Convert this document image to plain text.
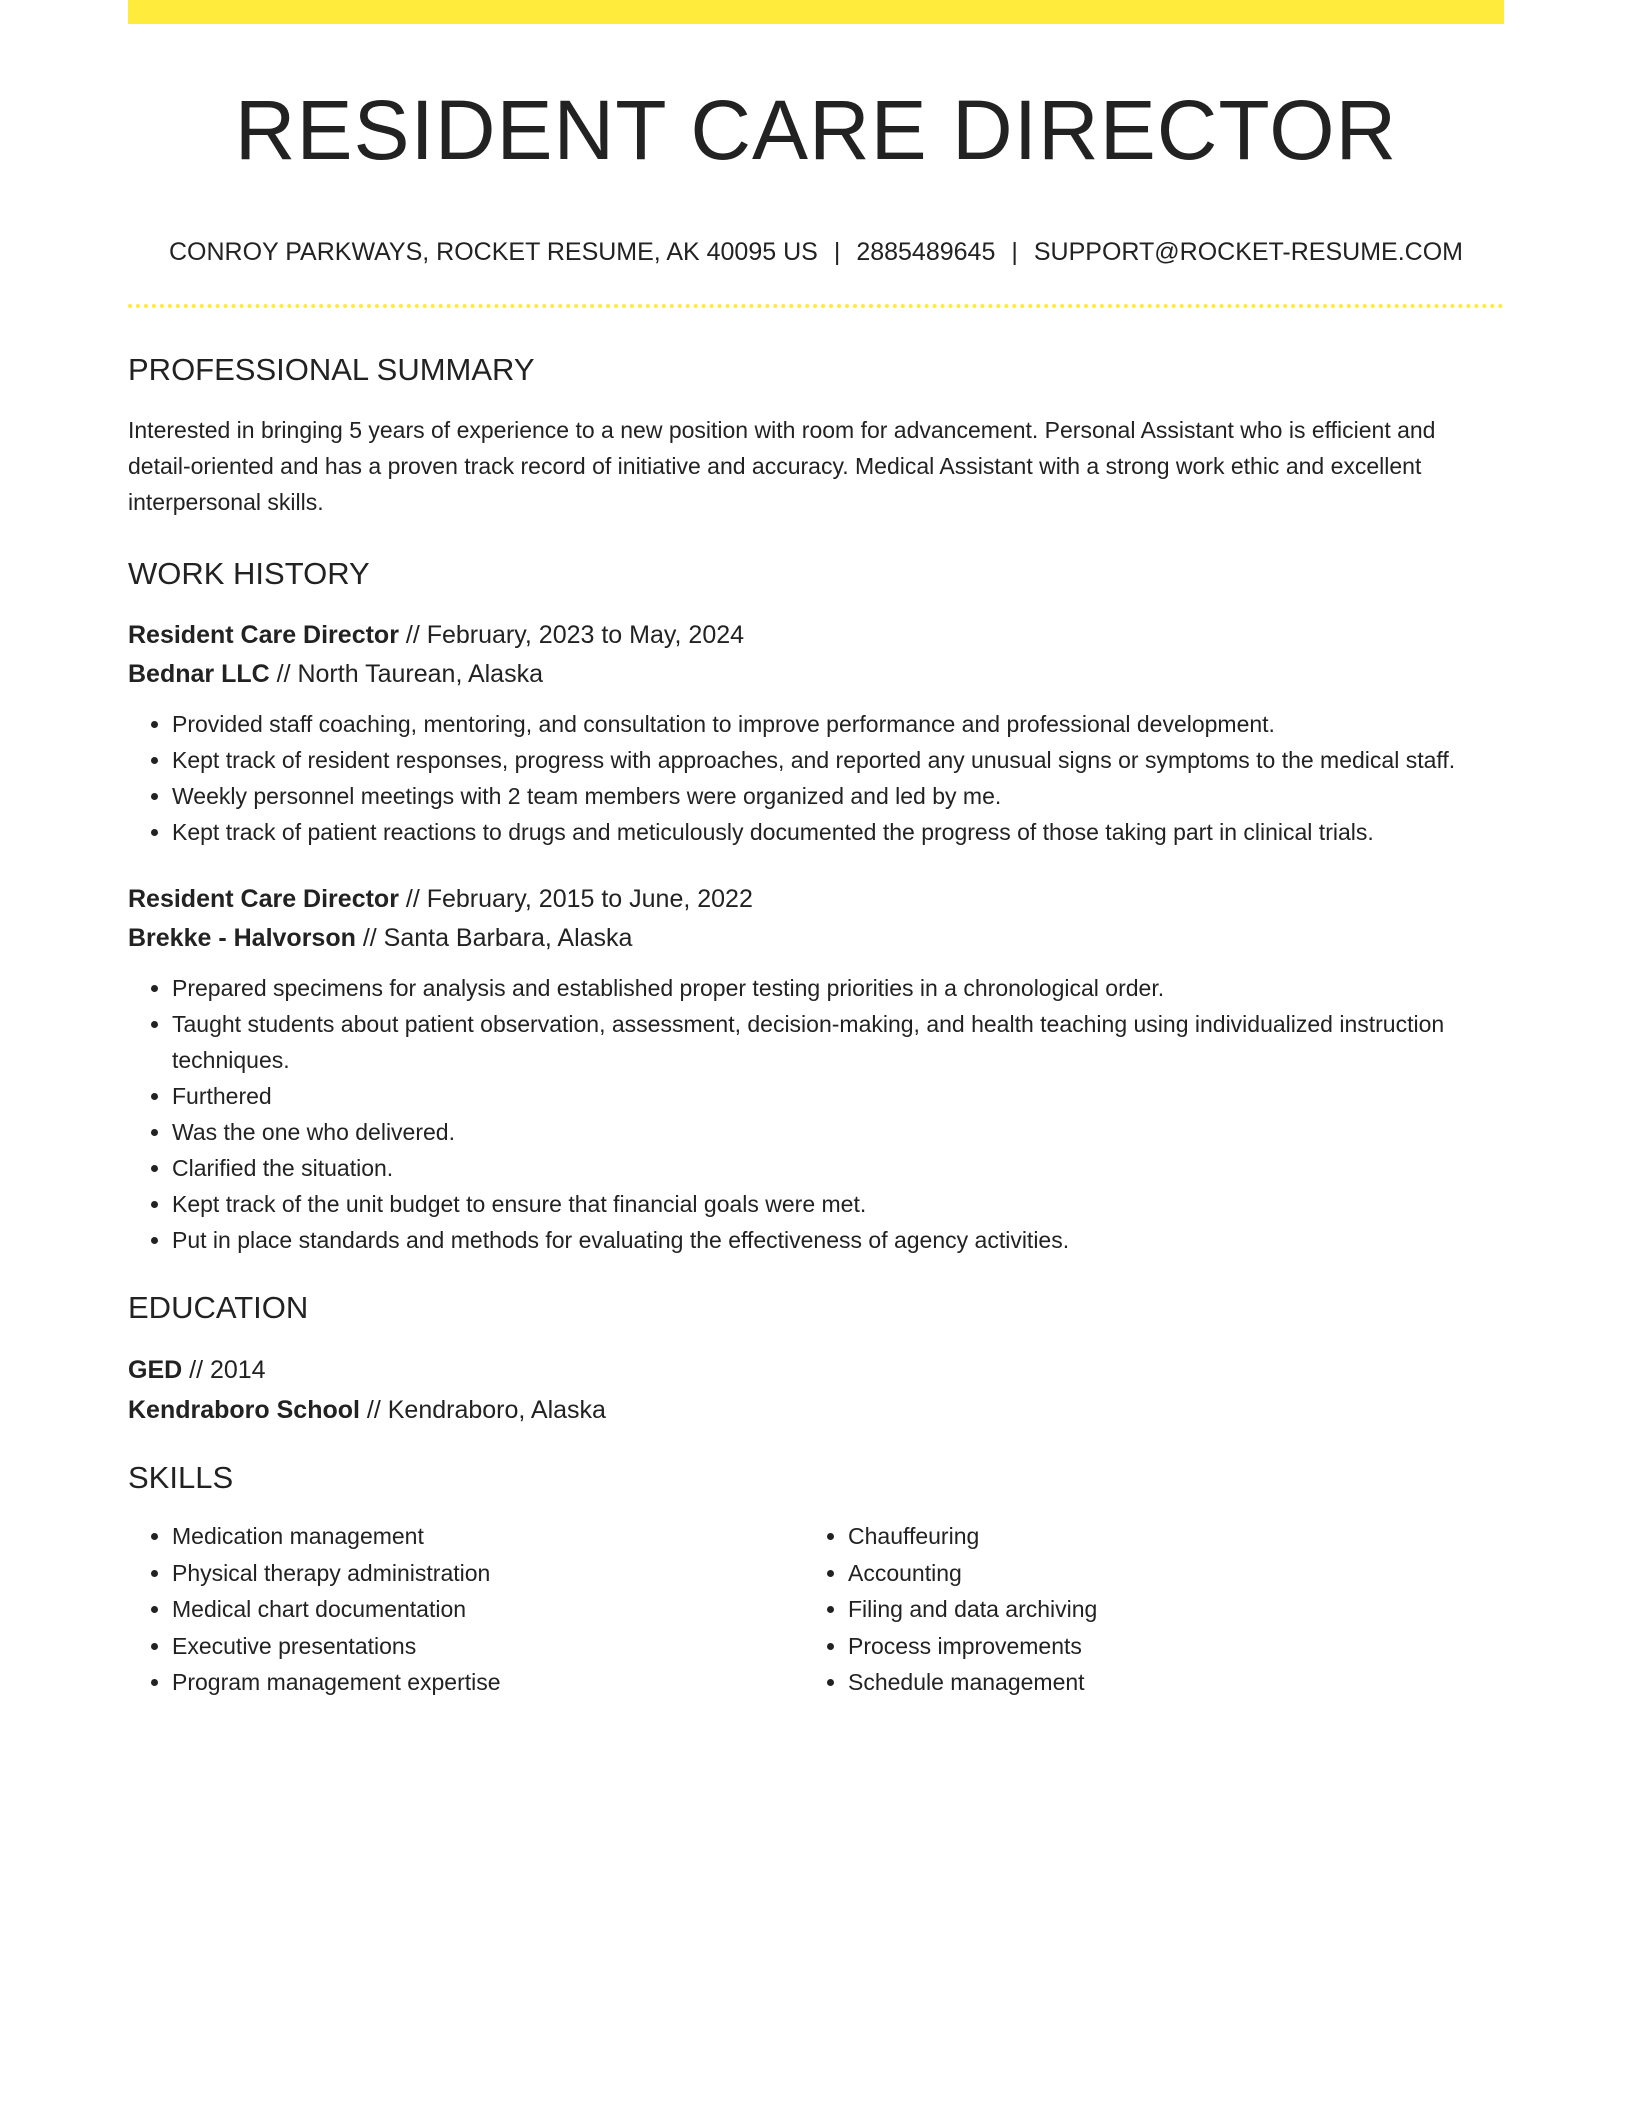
RESIDENT CARE DIRECTOR
CONROY PARKWAYS, ROCKET RESUME, AK 40095 US | 2885489645 | SUPPORT@ROCKET-RESUME.COM
PROFESSIONAL SUMMARY
Interested in bringing 5 years of experience to a new position with room for advancement. Personal Assistant who is efficient and detail-oriented and has a proven track record of initiative and accuracy. Medical Assistant with a strong work ethic and excellent interpersonal skills.
WORK HISTORY
Resident Care Director // February, 2023 to May, 2024
Bednar LLC // North Taurean, Alaska
• Provided staff coaching, mentoring, and consultation to improve performance and professional development.
• Kept track of resident responses, progress with approaches, and reported any unusual signs or symptoms to the medical staff.
• Weekly personnel meetings with 2 team members were organized and led by me.
• Kept track of patient reactions to drugs and meticulously documented the progress of those taking part in clinical trials.
Resident Care Director // February, 2015 to June, 2022
Brekke - Halvorson // Santa Barbara, Alaska
• Prepared specimens for analysis and established proper testing priorities in a chronological order.
• Taught students about patient observation, assessment, decision-making, and health teaching using individualized instruction techniques.
• Furthered
• Was the one who delivered.
• Clarified the situation.
• Kept track of the unit budget to ensure that financial goals were met.
• Put in place standards and methods for evaluating the effectiveness of agency activities.
EDUCATION
GED // 2014
Kendraboro School // Kendraboro, Alaska
SKILLS
• Medication management
• Physical therapy administration
• Medical chart documentation
• Executive presentations
• Program management expertise
• Chauffeuring
• Accounting
• Filing and data archiving
• Process improvements
• Schedule management
